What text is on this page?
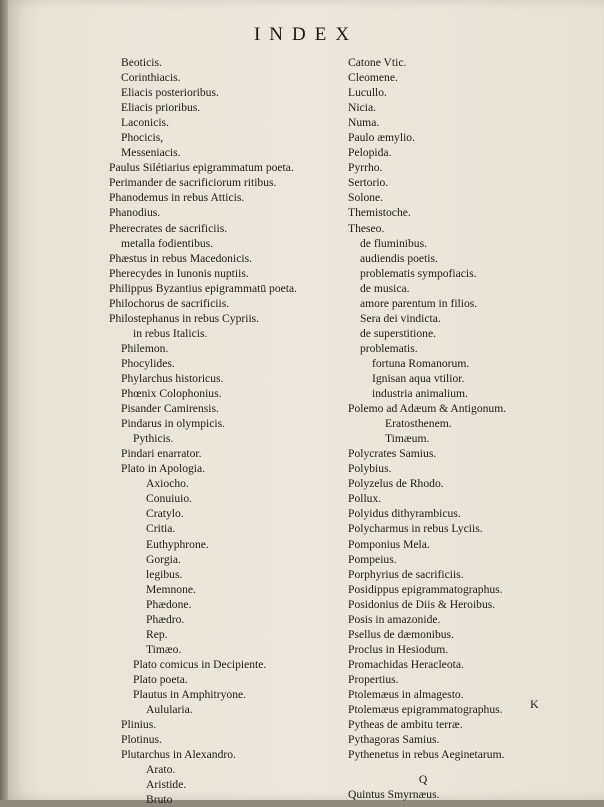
INDEX
Beoticis.
Corinthiacis.
Eliacis posterioribus.
Eliacis prioribus.
Laconicis.
Phocicis,
Messeniacis.
Paulus Silétiarius epigrammatum poeta.
Perimander de sacrificiorum ritibus.
Phanodemus in rebus Atticis.
Phanodius.
Pherecrates de sacrificiis.
metalla fodientibus.
Phæstus in rebus Macedonicis.
Pherecydes in Iunonis nuptiis.
Philippus Byzantius epigrammatū poeta.
Philochorus de sacrificiis.
Philostephanus in rebus Cypriis.
in rebus Italicis.
Philemon.
Phocylides.
Phylarchus historicus.
Phœnix Colophonius.
Pisander Camirensis.
Pindarus in olympicis.
Pythicis.
Pindari enarrator.
Plato in Apologia.
Axiocho.
Conuiuio.
Cratylo.
Critia.
Euthyphrone.
Gorgia.
legibus.
Memnone.
Phædone.
Phædro.
Rep.
Timæo.
Plato comicus in Decipiente.
Plato poeta.
Plautus in Amphitryone.
Aulularia.
Plinius.
Plotinus.
Plutarchus in Alexandro.
Arato.
Aristide.
Bruto
Catone Vtic.
Cleomene.
Lucullo.
Nicia.
Numa.
Paulo æmylio.
Pelopida.
Pyrrho.
Sertorio.
Solone.
Themistoche.
Theseo.
de fluminibus.
audiendis poetis.
problematis sympofiacis.
de musica.
amore parentum in filios.
Sera dei vindicta.
de superstitione.
problematis.
fortuna Romanorum.
Ignisan aqua vtilior.
industria animalium.
Polemo ad Adæum & Antigonum.
Eratosthenem.
Timæum.
Polycrates Samius.
Polybius.
Polyzelus de Rhodo.
Pollux.
Polyidus dithyrambicus.
Polycharmus in rebus Lyciis.
Pomponius Mela.
Pompeius.
Porphyrius de sacrificiis.
Posidippus epigrammatographus.
Posidonius de Diis & Heroibus.
Posis in amazonide.
Psellus de dæmonibus.
Proclus in Hesiodum.
Promachidas Heracleota.
Propertius.
Ptolemæus in almagesto.
Ptolemæus epigrammatographus.
Pytheas de ambitu terræ.
Pythagoras Samius.
Pythenetus in rebus Aeginetarum.
Q
Quintus Smyrnæus.
K
